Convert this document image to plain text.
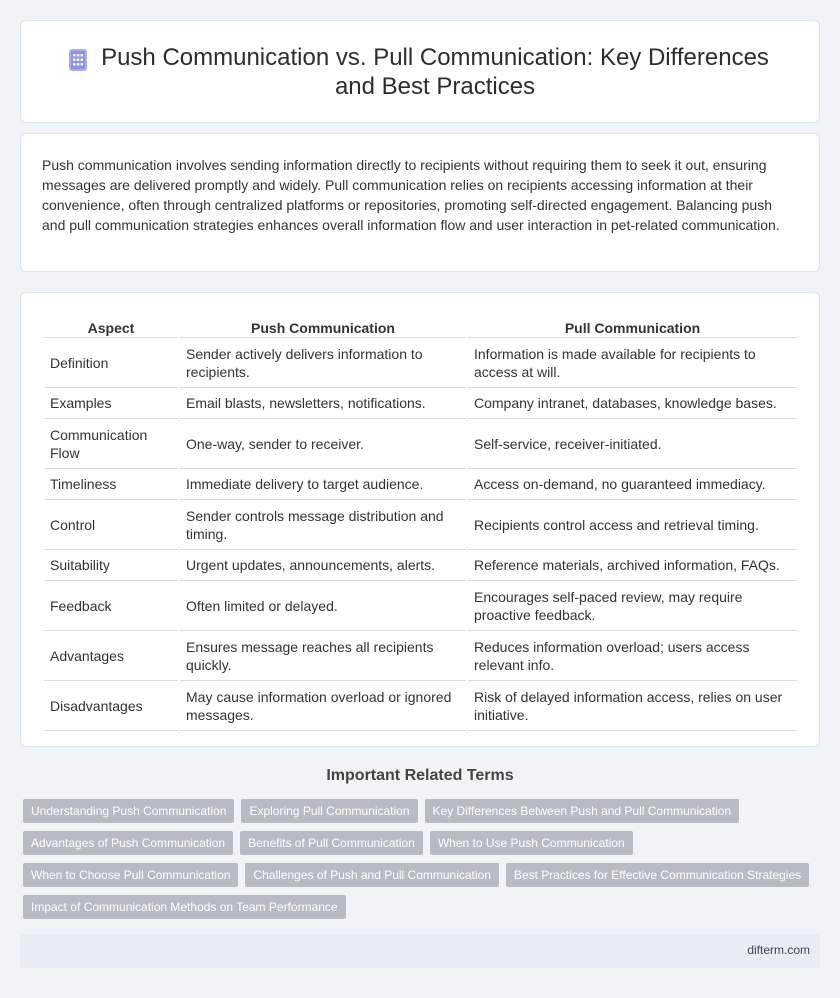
Push Communication vs. Pull Communication: Key Differences and Best Practices

Push communication involves sending information directly to recipients without requiring them to seek it out, ensuring messages are delivered promptly and widely. Pull communication relies on recipients accessing information at their convenience, often through centralized platforms or repositories, promoting self-directed engagement. Balancing push and pull communication strategies enhances overall information flow and user interaction in pet-related communication.

Aspect	Push Communication	Pull Communication
Definition	Sender actively delivers information to recipients.	Information is made available for recipients to access at will.
Examples	Email blasts, newsletters, notifications.	Company intranet, databases, knowledge bases.
Communication Flow	One-way, sender to receiver.	Self-service, receiver-initiated.
Timeliness	Immediate delivery to target audience.	Access on-demand, no guaranteed immediacy.
Control	Sender controls message distribution and timing.	Recipients control access and retrieval timing.
Suitability	Urgent updates, announcements, alerts.	Reference materials, archived information, FAQs.
Feedback	Often limited or delayed.	Encourages self-paced review, may require proactive feedback.
Advantages	Ensures message reaches all recipients quickly.	Reduces information overload; users access relevant info.
Disadvantages	May cause information overload or ignored messages.	Risk of delayed information access, relies on user initiative.
Important Related Terms
Understanding Push Communication	Exploring Pull Communication	Key Differences Between Push and Pull Communication
Advantages of Push Communication	Benefits of Pull Communication	When to Use Push Communication
When to Choose Pull Communication	Challenges of Push and Pull Communication	Best Practices for Effective Communication Strategies
Impact of Communication Methods on Team Performance
difterm.com
